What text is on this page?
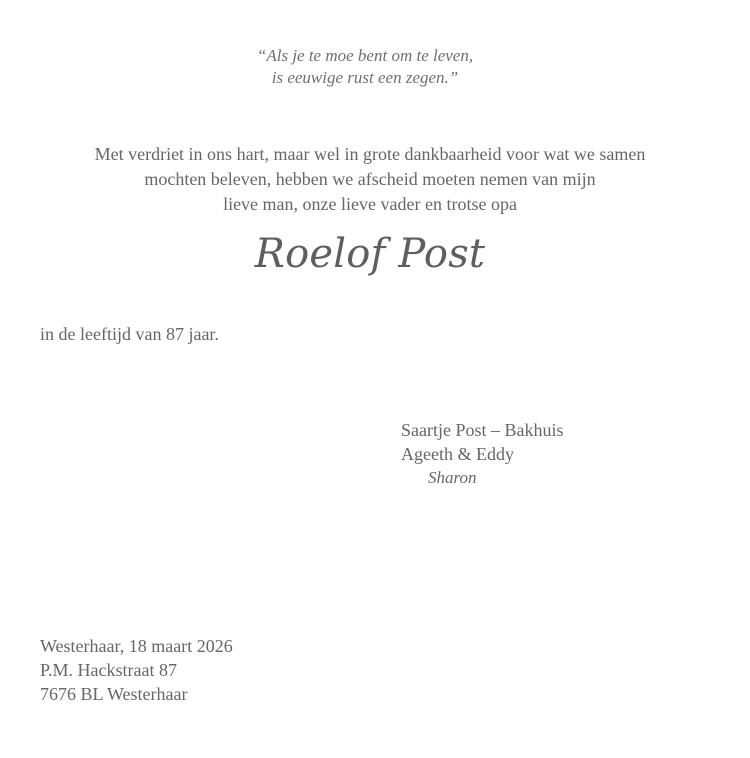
“Als je te moe bent om te leven,
is eeuwige rust een zegen.”
Met verdriet in ons hart, maar wel in grote dankbaarheid voor wat we samen
mochten beleven, hebben we afscheid moeten nemen van mijn
lieve man, onze lieve vader en trotse opa
Roelof Post
in de leeftijd van 87 jaar.
Saartje Post – Bakhuis
Ageeth & Eddy
Sharon
Westerhaar, 18 maart 2026
P.M. Hackstraat 87
7676 BL Westerhaar
